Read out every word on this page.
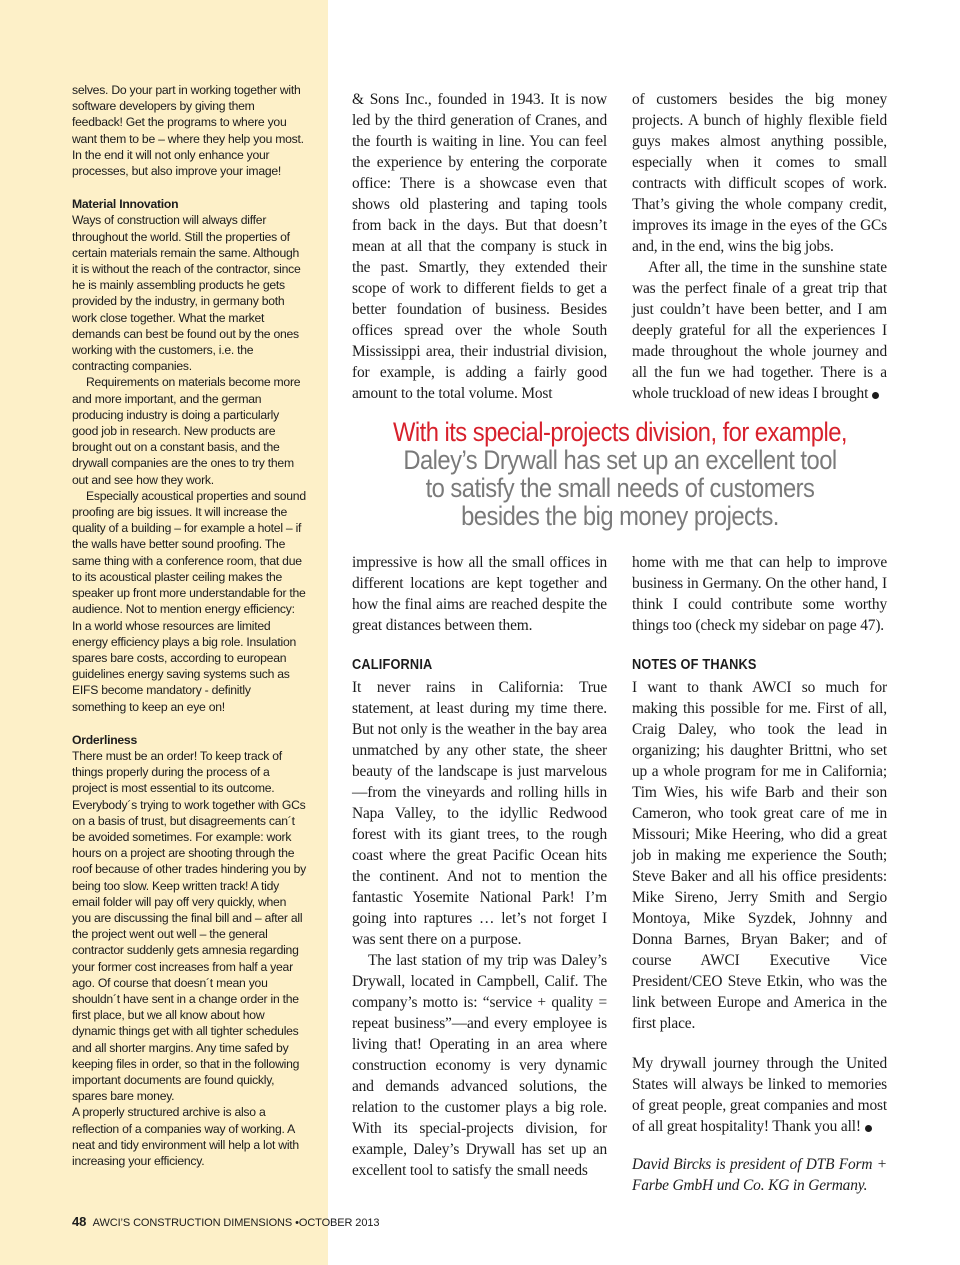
selves. Do your part in working together with software developers by giving them feedback! Get the programs to where you want them to be – where they help you most. In the end it will not only enhance your processes, but also improve your image!

Material Innovation

Ways of construction will always differ throughout the world. Still the properties of certain materials remain the same. Although it is without the reach of the contractor, since he is mainly assembling products he gets provided by the industry, in germany both work close together. What the market demands can best be found out by the ones working with the customers, i.e. the contracting companies.

Requirements on materials become more and more important, and the german producing industry is doing a particularly good job in research. New products are brought out on a constant basis, and the drywall companies are the ones to try them out and see how they work.

Especially acoustical properties and sound proofing are big issues. It will increase the quality of a building – for example a hotel – if the walls have better sound proofing. The same thing with a conference room, that due to its acoustical plaster ceiling makes the speaker up front more understandable for the audience. Not to mention energy efficiency: In a world whose resources are limited energy efficiency plays a big role. Insulation spares bare costs, according to european guidelines energy saving systems such as EIFS become mandatory - definitly something to keep an eye on!

Orderliness

There must be an order! To keep track of things properly during the process of a project is most essential to its outcome. Everybody´s trying to work together with GCs on a basis of trust, but disagreements can´t be avoided sometimes. For example: work hours on a project are shooting through the roof because of other trades hindering you by being too slow. Keep written track! A tidy email folder will pay off very quickly, when you are discussing the final bill and – after all the project went out well – the general contractor suddenly gets amnesia regarding your former cost increases from half a year ago. Of course that doesn´t mean you shouldn´t have sent in a change order in the first place, but we all know about how dynamic things get with all tighter schedules and all shorter margins. Any time safed by keeping files in order, so that in the following important documents are found quickly, spares bare money.

A properly structured archive is also a reflection of a companies way of working. A neat and tidy environment will help a lot with increasing your efficiency.

& Sons Inc., founded in 1943. It is now led by the third generation of Cranes, and the fourth is waiting in line. You can feel the experience by entering the corporate office: There is a showcase even that shows old plastering and taping tools from back in the days. But that doesn’t mean at all that the company is stuck in the past. Smartly, they extended their scope of work to different fields to get a better foundation of business. Besides offices spread over the whole South Mississippi area, their industrial division, for example, is adding a fairly good amount to the total volume. Most

of customers besides the big money projects. A bunch of highly flexible field guys makes almost anything possible, especially when it comes to small contracts with difficult scopes of work. That’s giving the whole company credit, improves its image in the eyes of the GCs and, in the end, wins the big jobs.

After all, the time in the sunshine state was the perfect finale of a great trip that just couldn’t have been better, and I am deeply grateful for all the experiences I made throughout the whole journey and all the fun we had together. There is a whole truckload of new ideas I brought

With its special-projects division, for example,
Daley’s Drywall has set up an excellent tool
to satisfy the small needs of customers
besides the big money projects.

impressive is how all the small offices in different locations are kept together and how the final aims are reached despite the great distances between them.

CALIFORNIA

It never rains in California: True statement, at least during my time there. But not only is the weather in the bay area unmatched by any other state, the sheer beauty of the landscape is just marvelous—from the vineyards and rolling hills in Napa Valley, to the idyllic Redwood forest with its giant trees, to the rough coast where the great Pacific Ocean hits the continent. And not to mention the fantastic Yosemite National Park! I’m going into raptures … let’s not forget I was sent there on a purpose.

The last station of my trip was Daley’s Drywall, located in Campbell, Calif. The company’s motto is: “service + quality = repeat business”—and every employee is living that! Operating in an area where construction economy is very dynamic and demands advanced solutions, the relation to the customer plays a big role. With its special-projects division, for example, Daley’s Drywall has set up an excellent tool to satisfy the small needs

home with me that can help to improve business in Germany. On the other hand, I think I could contribute some worthy things too (check my sidebar on page 47).

NOTES OF THANKS

I want to thank AWCI so much for making this possible for me. First of all, Craig Daley, who took the lead in organizing; his daughter Brittni, who set up a whole program for me in California; Tim Wies, his wife Barb and their son Cameron, who took great care of me in Missouri; Mike Heering, who did a great job in making me experience the South; Steve Baker and all his office presidents: Mike Sireno, Jerry Smith and Sergio Montoya, Mike Syzdek, Johnny and Donna Barnes, Bryan Baker; and of course AWCI Executive Vice President/CEO Steve Etkin, who was the link between Europe and America in the first place.

My drywall journey through the United States will always be linked to memories of great people, great companies and most of all great hospitality! Thank you all!

David Bircks is president of DTB Form + Farbe GmbH und Co. KG in Germany.

48 AWCI’S CONSTRUCTION DIMENSIONS •OCTOBER 2013
